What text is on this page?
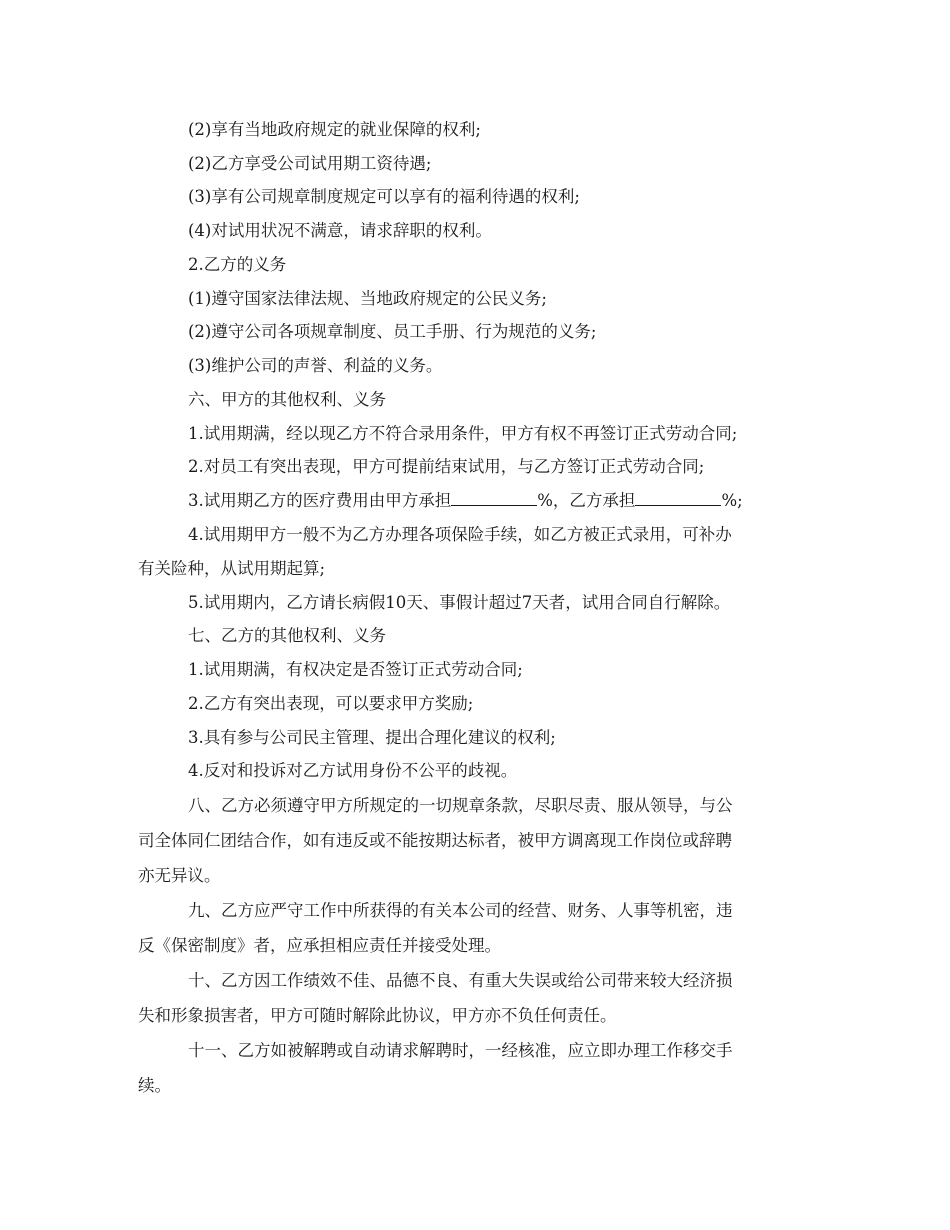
(2)享有当地政府规定的就业保障的权利;
(2)乙方享受公司试用期工资待遇;
(3)享有公司规章制度规定可以享有的福利待遇的权利;
(4)对试用状况不满意，请求辞职的权利。
2.乙方的义务
(1)遵守国家法律法规、当地政府规定的公民义务;
(2)遵守公司各项规章制度、员工手册、行为规范的义务;
(3)维护公司的声誉、利益的义务。
六、甲方的其他权利、义务
1.试用期满，经以现乙方不符合录用条件，甲方有权不再签订正式劳动合同;
2.对员工有突出表现，甲方可提前结束试用，与乙方签订正式劳动合同;
3.试用期乙方的医疗费用由甲方承担	%，乙方承担	%;
4.试用期甲方一般不为乙方办理各项保险手续，如乙方被正式录用，可补办
有关险种，从试用期起算;
5.试用期内，乙方请长病假10天、事假计超过7天者，试用合同自行解除。
七、乙方的其他权利、义务
1.试用期满，有权决定是否签订正式劳动合同;
2.乙方有突出表现，可以要求甲方奖励;
3.具有参与公司民主管理、提出合理化建议的权利;
4.反对和投诉对乙方试用身份不公平的歧视。
八、乙方必须遵守甲方所规定的一切规章条款，尽职尽责、服从领导，与公
司全体同仁团结合作，如有违反或不能按期达标者，被甲方调离现工作岗位或辞聘
亦无异议。
九、乙方应严守工作中所获得的有关本公司的经营、财务、人事等机密，违
反《保密制度》者，应承担相应责任并接受处理。
十、乙方因工作绩效不佳、品德不良、有重大失误或给公司带来较大经济损
失和形象损害者，甲方可随时解除此协议，甲方亦不负任何责任。
十一、乙方如被解聘或自动请求解聘时，一经核准，应立即办理工作移交手
续。
